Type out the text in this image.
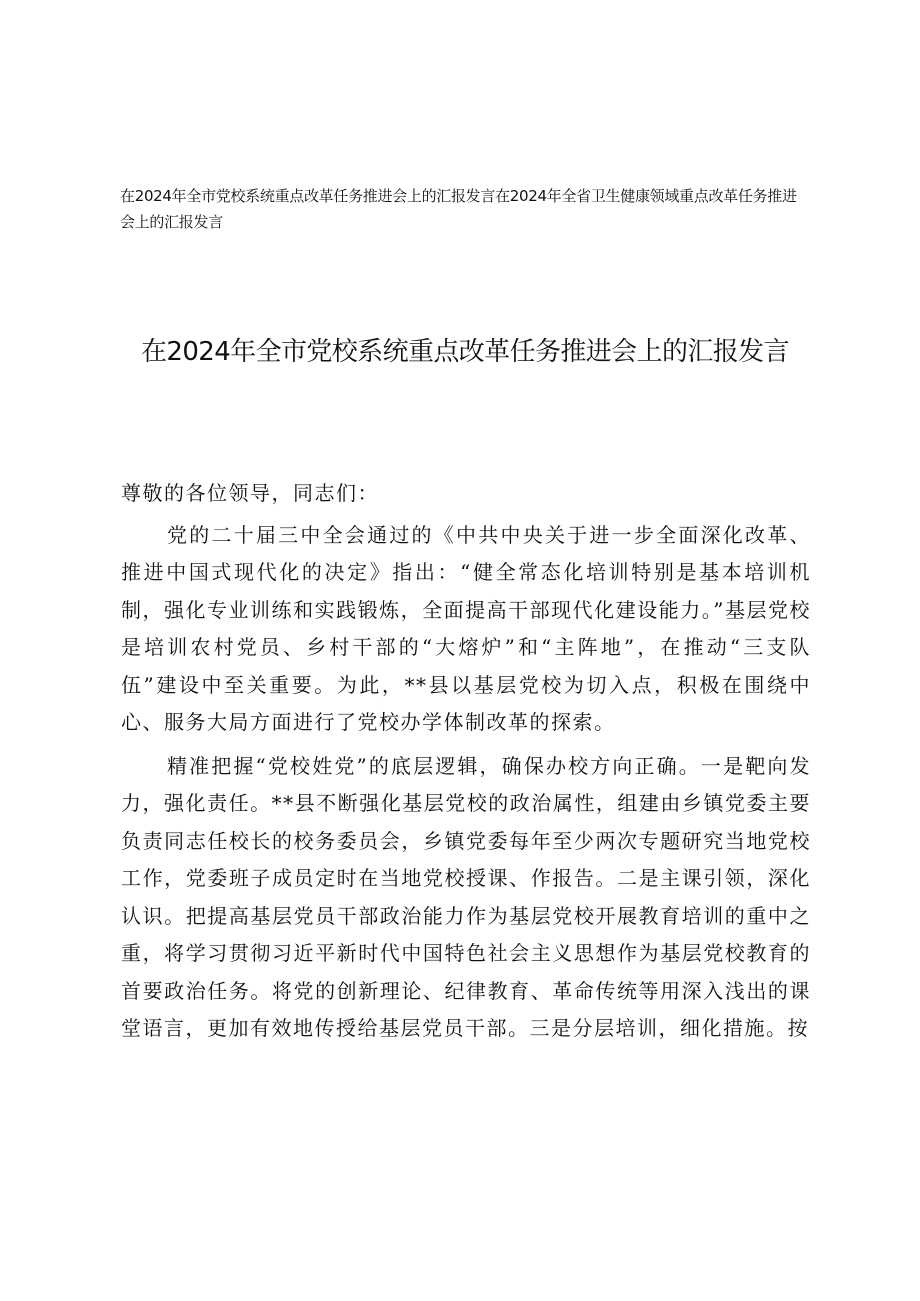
在2024年全市党校系统重点改革任务推进会上的汇报发言在2024年全省卫生健康领域重点改革任务推进会上的汇报发言
在2024年全市党校系统重点改革任务推进会上的汇报发言

尊敬的各位领导，同志们：

党的二十届三中全会通过的《中共中央关于进一步全面深化改革、推进中国式现代化的决定》指出：“健全常态化培训特别是基本培训机制，强化专业训练和实践锻炼，全面提高干部现代化建设能力。”基层党校是培训农村党员、乡村干部的“大熔炉”和“主阵地”，在推动“三支队伍”建设中至关重要。为此，**县以基层党校为切入点，积极在围绕中心、服务大局方面进行了党校办学体制改革的探索。

精准把握“党校姓党”的底层逻辑，确保办校方向正确。一是靶向发力，强化责任。**县不断强化基层党校的政治属性，组建由乡镇党委主要负责同志任校长的校务委员会，乡镇党委每年至少两次专题研究当地党校工作，党委班子成员定时在当地党校授课、作报告。二是主课引领，深化认识。把提高基层党员干部政治能力作为基层党校开展教育培训的重中之重，将学习贯彻习近平新时代中国特色社会主义思想作为基层党校教育的首要政治任务。将党的创新理论、纪律教育、革命传统等用深入浅出的课堂语言，更加有效地传授给基层党员干部。三是分层培训，细化措施。按
